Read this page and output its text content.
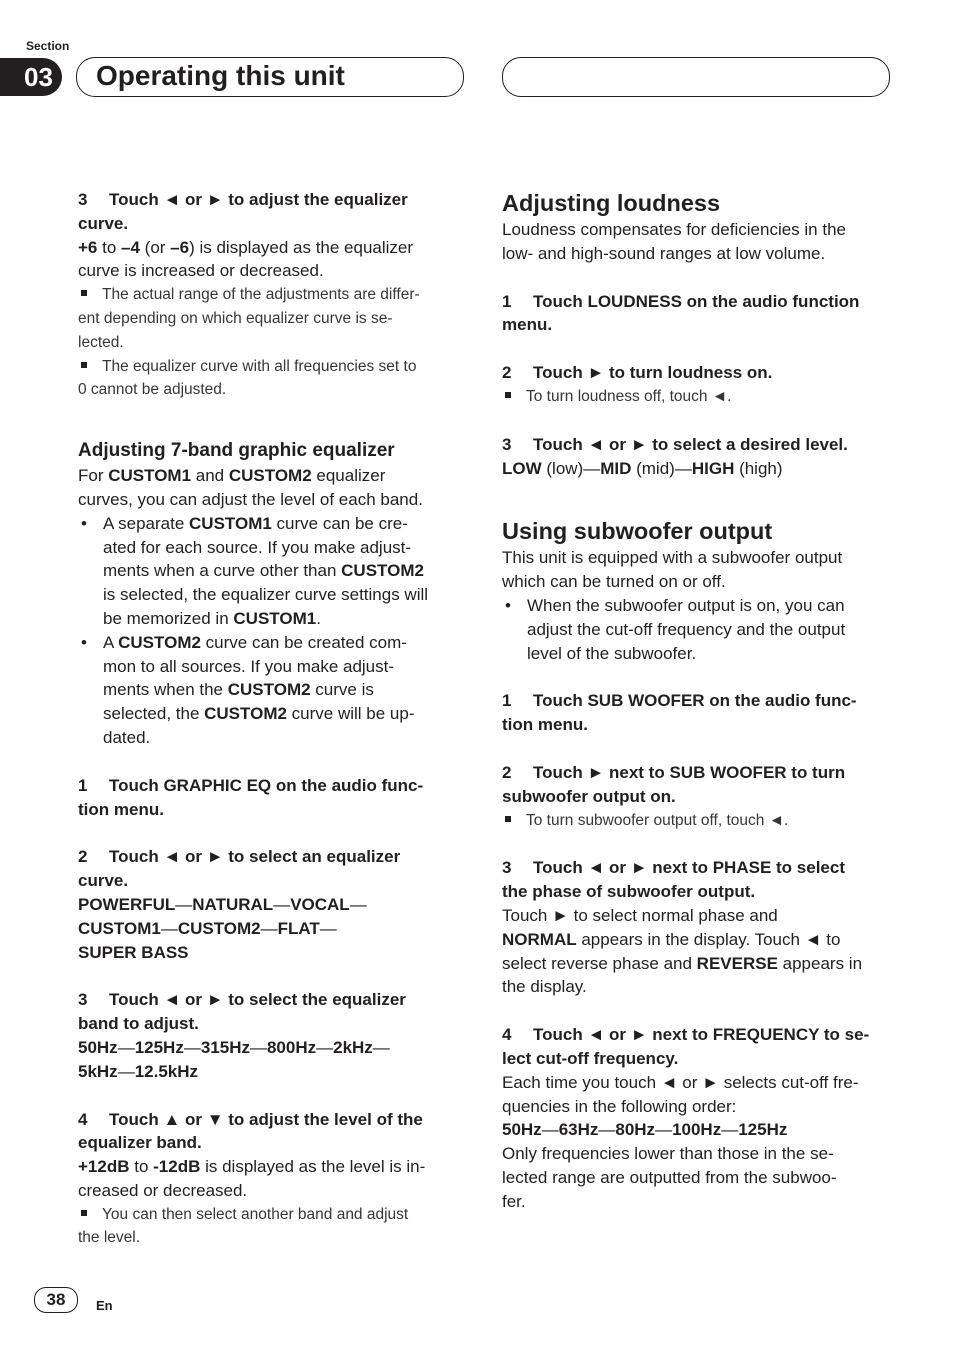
Section
03	Operating this unit

3 Touch ◄ or ► to adjust the equalizer

curve.

+6 to –4 (or –6) is displayed as the equalizer

curve is increased or decreased.

The actual range of the adjustments are differ-

ent depending on which equalizer curve is se-

lected.

The equalizer curve with all frequencies set to

0 cannot be adjusted.

Adjusting 7-band graphic equalizer

For CUSTOM1 and CUSTOM2 equalizer

curves, you can adjust the level of each band.

• A separate CUSTOM1 curve can be cre-

ated for each source. If you make adjust-

ments when a curve other than CUSTOM2

is selected, the equalizer curve settings will

be memorized in CUSTOM1.

• A CUSTOM2 curve can be created com-

mon to all sources. If you make adjust-

ments when the CUSTOM2 curve is

selected, the CUSTOM2 curve will be up-

dated.

1 Touch GRAPHIC EQ on the audio func-

tion menu.

2 Touch ◄ or ► to select an equalizer

curve.

POWERFUL—NATURAL—VOCAL—

CUSTOM1—CUSTOM2—FLAT—

SUPER BASS

3 Touch ◄ or ► to select the equalizer

band to adjust.

50Hz—125Hz—315Hz—800Hz—2kHz—

5kHz—12.5kHz

4 Touch ▲ or ▼ to adjust the level of the

equalizer band.

+12dB to -12dB is displayed as the level is in-

creased or decreased.

You can then select another band and adjust

the level.

Adjusting loudness

Loudness compensates for deficiencies in the

low- and high-sound ranges at low volume.

1 Touch LOUDNESS on the audio function

menu.

2 Touch ► to turn loudness on.

To turn loudness off, touch ◄.

3 Touch ◄ or ► to select a desired level.

LOW (low)—MID (mid)—HIGH (high)

Using subwoofer output

This unit is equipped with a subwoofer output

which can be turned on or off.

• When the subwoofer output is on, you can

adjust the cut-off frequency and the output

level of the subwoofer.

1 Touch SUB WOOFER on the audio func-

tion menu.

2 Touch ► next to SUB WOOFER to turn

subwoofer output on.

To turn subwoofer output off, touch ◄.

3 Touch ◄ or ► next to PHASE to select

the phase of subwoofer output.

Touch ► to select normal phase and

NORMAL appears in the display. Touch ◄ to

select reverse phase and REVERSE appears in

the display.

4 Touch ◄ or ► next to FREQUENCY to se-

lect cut-off frequency.

Each time you touch ◄ or ► selects cut-off fre-

quencies in the following order:

50Hz—63Hz—80Hz—100Hz—125Hz

Only frequencies lower than those in the se-

lected range are outputted from the subwoo-

fer.

38	En
